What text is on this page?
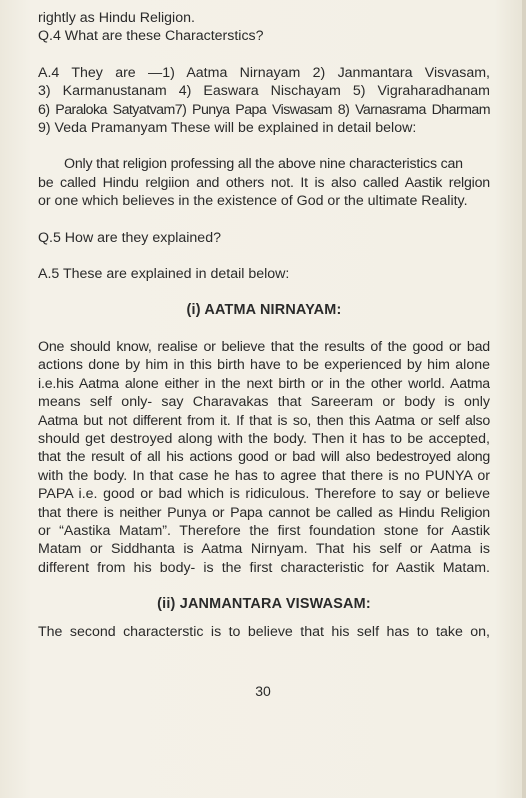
rightly as Hindu Religion.
Q.4 What are these Characterstics?
A.4 They are —1) Aatma Nirnayam 2) Janmantara Visvasam,
3) Karmanustanam 4) Easwara Nischayam 5) Vigraharadhanam
6) Paraloka Satyatvam7) Punya Papa Viswasam 8) Varnasrama Dharmam
9) Veda Pramanyam These will be explained in detail below:
Only that religion professing all the above nine characteristics can
be called Hindu relgiion and others not. It is also called Aastik relgion
or one which believes in the existence of God or the ultimate Reality.
Q.5 How are they explained?
A.5 These are explained in detail below:
(i) AATMA NIRNAYAM:
One should know, realise or believe that the results of the good or bad
actions done by him in this birth have to be experienced by him alone
i.e.his Aatma alone either in the next birth or in the other world. Aatma
means self only- say Charavakas that Sareeram or body is only
Aatma but not different from it. If that is so, then this Aatma or self also
should get destroyed along with the body. Then it has to be accepted,
that the result of all his actions good or bad will also bedestroyed along
with the body. In that case he has to agree that there is no PUNYA or
PAPA i.e. good or bad which is ridiculous. Therefore to say or believe
that there is neither Punya or Papa cannot be called as Hindu Religion
or “Aastika Matam”. Therefore the first foundation stone for Aastik
Matam or Siddhanta is Aatma Nirnyam. That his self or Aatma is
different from his body- is the first characteristic for Aastik Matam.
(ii) JANMANTARA VISWASAM:
The second characterstic is to believe that his self has to take on,
30
